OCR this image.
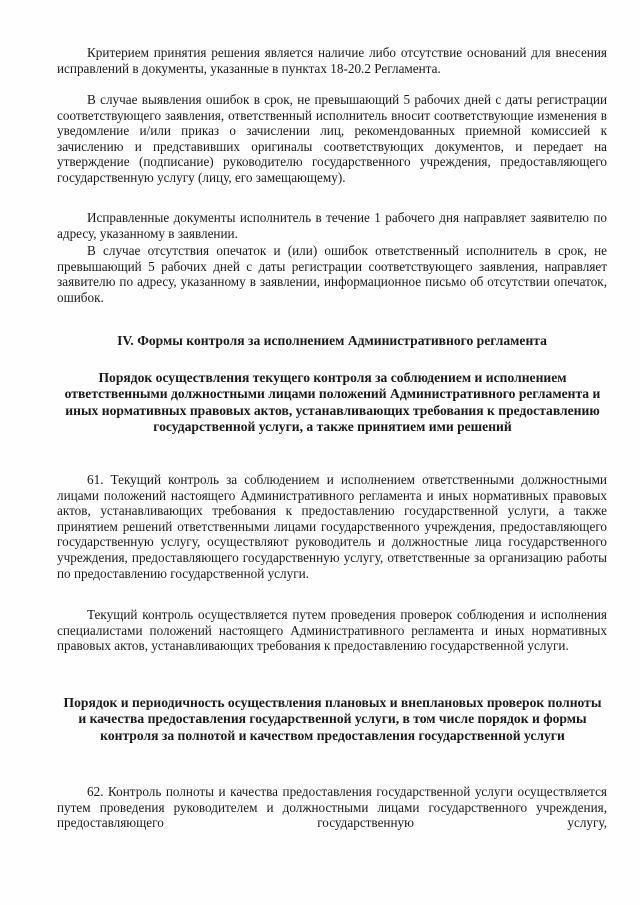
Критерием принятия решения является наличие либо отсутствие оснований для внесения исправлений в документы, указанные в пунктах 18-20.2 Регламента.

В случае выявления ошибок в срок, не превышающий 5 рабочих дней с даты регистрации соответствующего заявления, ответственный исполнитель вносит соответствующие изменения в уведомление и/или приказ о зачислении лиц, рекомендованных приемной комиссией к зачислению и представивших оригиналы соответствующих документов, и передает на утверждение (подписание) руководителю государственного учреждения, предоставляющего государственную услугу (лицу, его замещающему).

Исправленные документы исполнитель в течение 1 рабочего дня направляет заявителю по адресу, указанному в заявлении.

В случае отсутствия опечаток и (или) ошибок ответственный исполнитель в срок, не превышающий 5 рабочих дней с даты регистрации соответствующего заявления, направляет заявителю по адресу, указанному в заявлении, информационное письмо об отсутствии опечаток, ошибок.

IV. Формы контроля за исполнением Административного регламента
Порядок осуществления текущего контроля за соблюдением и исполнением ответственными должностными лицами положений Административного регламента и иных нормативных правовых актов, устанавливающих требования к предоставлению государственной услуги, а также принятием ими решений

61. Текущий контроль за соблюдением и исполнением ответственными должностными лицами положений настоящего Административного регламента и иных нормативных правовых актов, устанавливающих требования к предоставлению государственной услуги, а также принятием решений ответственными лицами государственного учреждения, предоставляющего государственную услугу, осуществляют руководитель и должностные лица государственного учреждения, предоставляющего государственную услугу, ответственные за организацию работы по предоставлению государственной услуги.

Текущий контроль осуществляется путем проведения проверок соблюдения и исполнения специалистами положений настоящего Административного регламента и иных нормативных правовых актов, устанавливающих требования к предоставлению государственной услуги.

Порядок и периодичность осуществления плановых и внеплановых проверок полноты и качества предоставления государственной услуги, в том числе порядок и формы контроля за полнотой и качеством предоставления государственной услуги

62. Контроль полноты и качества предоставления государственной услуги осуществляется путем проведения руководителем и должностными лицами государственного учреждения, предоставляющего государственную услугу,
